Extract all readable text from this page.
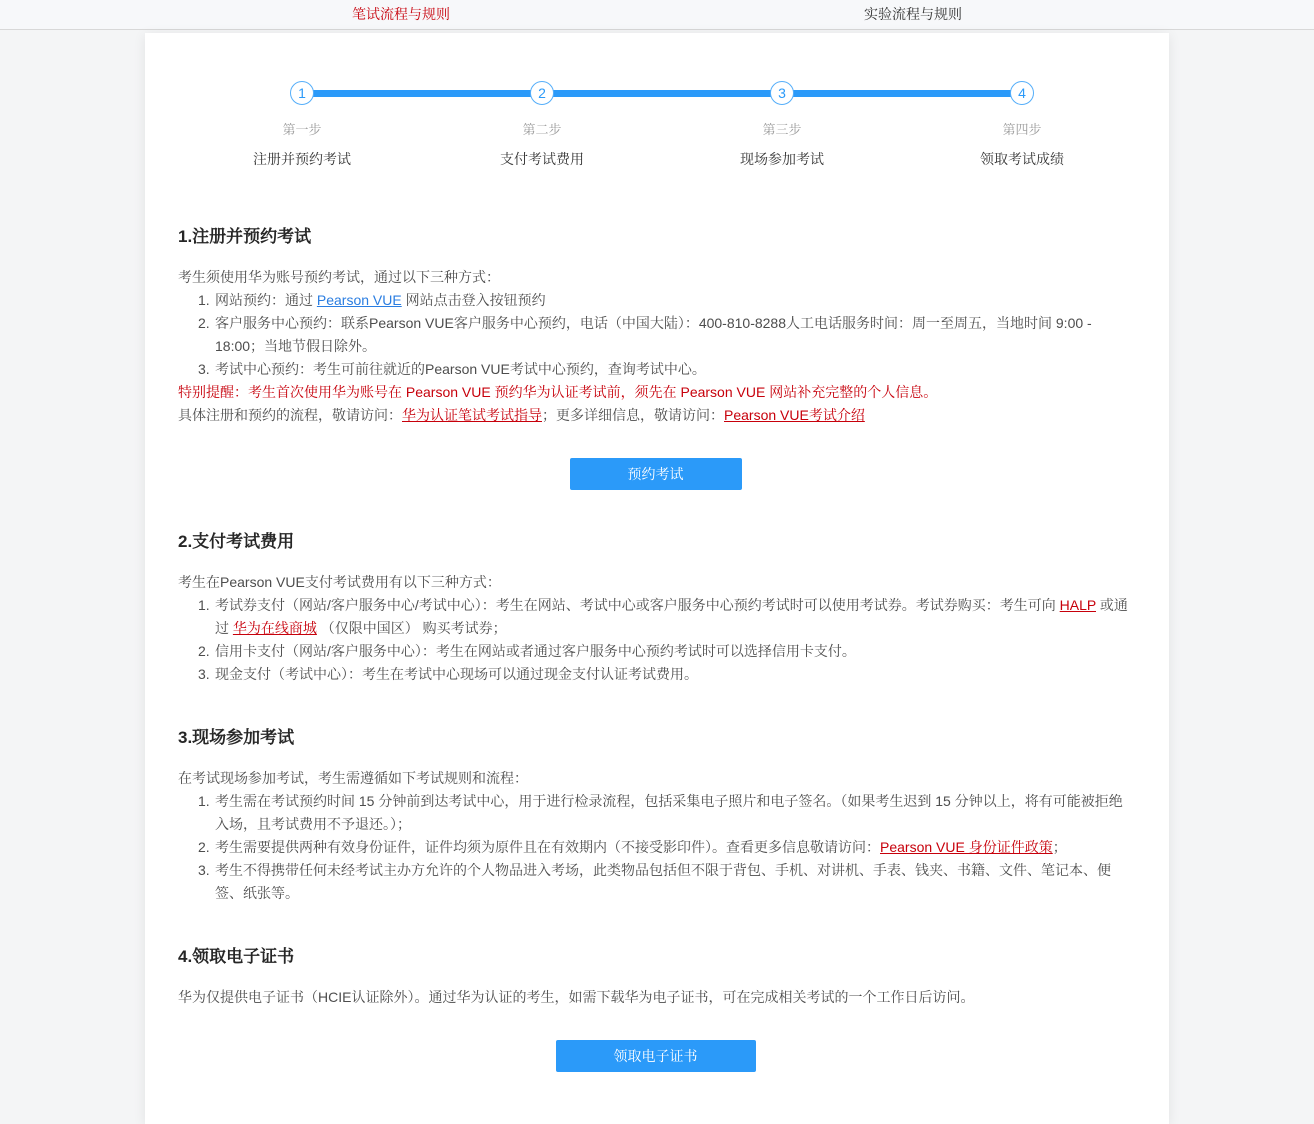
笔试流程与规则	实验流程与规则
1
第一步
注册并预约考试
2
第二步
支付考试费用
3
第三步
现场参加考试
4
第四步
领取考试成绩
1.注册并预约考试

考生须使用华为账号预约考试，通过以下三种方式：

1. 网站预约：通过 Pearson VUE 网站点击登入按钮预约
2. 客户服务中心预约：联系Pearson VUE客户服务中心预约，电话（中国大陆）：400-810-8288人工电话服务时间：周一至周五，当地时间 9:00 - 18:00；当地节假日除外。
3. 考试中心预约：考生可前往就近的Pearson VUE考试中心预约，查询考试中心。

特别提醒：考生首次使用华为账号在 Pearson VUE 预约华为认证考试前，须先在 Pearson VUE 网站补充完整的个人信息。

具体注册和预约的流程，敬请访问：华为认证笔试考试指导；更多详细信息，敬请访问：Pearson VUE考试介绍

预约考试
2.支付考试费用

考生在Pearson VUE支付考试费用有以下三种方式：

1. 考试券支付（网站/客户服务中心/考试中心）：考生在网站、考试中心或客户服务中心预约考试时可以使用考试券。考试券购买：考生可向 HALP 或通过 华为在线商城 （仅限中国区） 购买考试券；
2. 信用卡支付（网站/客户服务中心）：考生在网站或者通过客户服务中心预约考试时可以选择信用卡支付。
3. 现金支付（考试中心）：考生在考试中心现场可以通过现金支付认证考试费用。
3.现场参加考试

在考试现场参加考试，考生需遵循如下考试规则和流程：

1. 考生需在考试预约时间 15 分钟前到达考试中心，用于进行检录流程，包括采集电子照片和电子签名。（如果考生迟到 15 分钟以上，将有可能被拒绝入场，且考试费用不予退还。）；
2. 考生需要提供两种有效身份证件，证件均须为原件且在有效期内（不接受影印件）。查看更多信息敬请访问：Pearson VUE 身份证件政策；
3. 考生不得携带任何未经考试主办方允许的个人物品进入考场，此类物品包括但不限于背包、手机、对讲机、手表、钱夹、书籍、文件、笔记本、便签、纸张等。
4.领取电子证书

华为仅提供电子证书（HCIE认证除外）。通过华为认证的考生，如需下载华为电子证书，可在完成相关考试的一个工作日后访问。

领取电子证书
